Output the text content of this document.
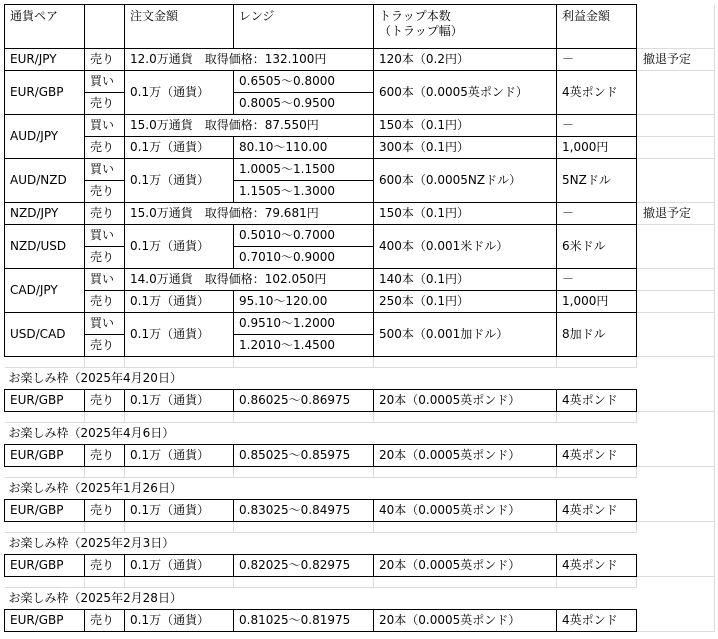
通貨ペア		注文金額	レンジ	トラップ本数
（トラップ幅）	利益金額	
EUR/JPY	売り	12.0万通貨　取得価格：132.100円		120本（0.2円）	－	撤退予定
EUR/GBP	買い	0.1万（通貨）	0.6505～0.8000	600本（0.0005英ポンド）	4英ポンド	
	売り		0.8005～0.9500			
AUD/JPY	買い	15.0万通貨　取得価格：87.550円		150本（0.1円）	－	
	売り	0.1万（通貨）	80.10～110.00	300本（0.1円）	1,000円	
AUD/NZD	買い	0.1万（通貨）	1.0005～1.1500	600本（0.0005NZドル）	5NZドル	
	売り		1.1505～1.3000			
NZD/JPY	売り	15.0万通貨　取得価格：79.681円		150本（0.1円）	－	撤退予定
NZD/USD	買い	0.1万（通貨）	0.5010～0.7000	400本（0.001米ドル）	6米ドル	
	売り		0.7010～0.9000			
CAD/JPY	買い	14.0万通貨　取得価格：102.050円		140本（0.1円）	－	
	売り	0.1万（通貨）	95.10～120.00	250本（0.1円）	1,000円	
USD/CAD	買い	0.1万（通貨）	0.9510～1.2000	500本（0.001加ドル）	8加ドル	
	売り		1.2010～1.4500			

お楽しみ枠（2025年4月20日）						
EUR/GBP	売り	0.1万（通貨）	0.86025～0.86975	20本（0.0005英ポンド）	4英ポンド	

お楽しみ枠（2025年4月6日）						
EUR/GBP	売り	0.1万（通貨）	0.85025～0.85975	20本（0.0005英ポンド）	4英ポンド	

お楽しみ枠（2025年1月26日）						
EUR/GBP	売り	0.1万（通貨）	0.83025～0.84975	40本（0.0005英ポンド）	4英ポンド	

お楽しみ枠（2025年2月3日）						
EUR/GBP	売り	0.1万（通貨）	0.82025～0.82975	20本（0.0005英ポンド）	4英ポンド	

お楽しみ枠（2025年2月28日）						
EUR/GBP	売り	0.1万（通貨）	0.81025～0.81975	20本（0.0005英ポンド）	4英ポンド	
